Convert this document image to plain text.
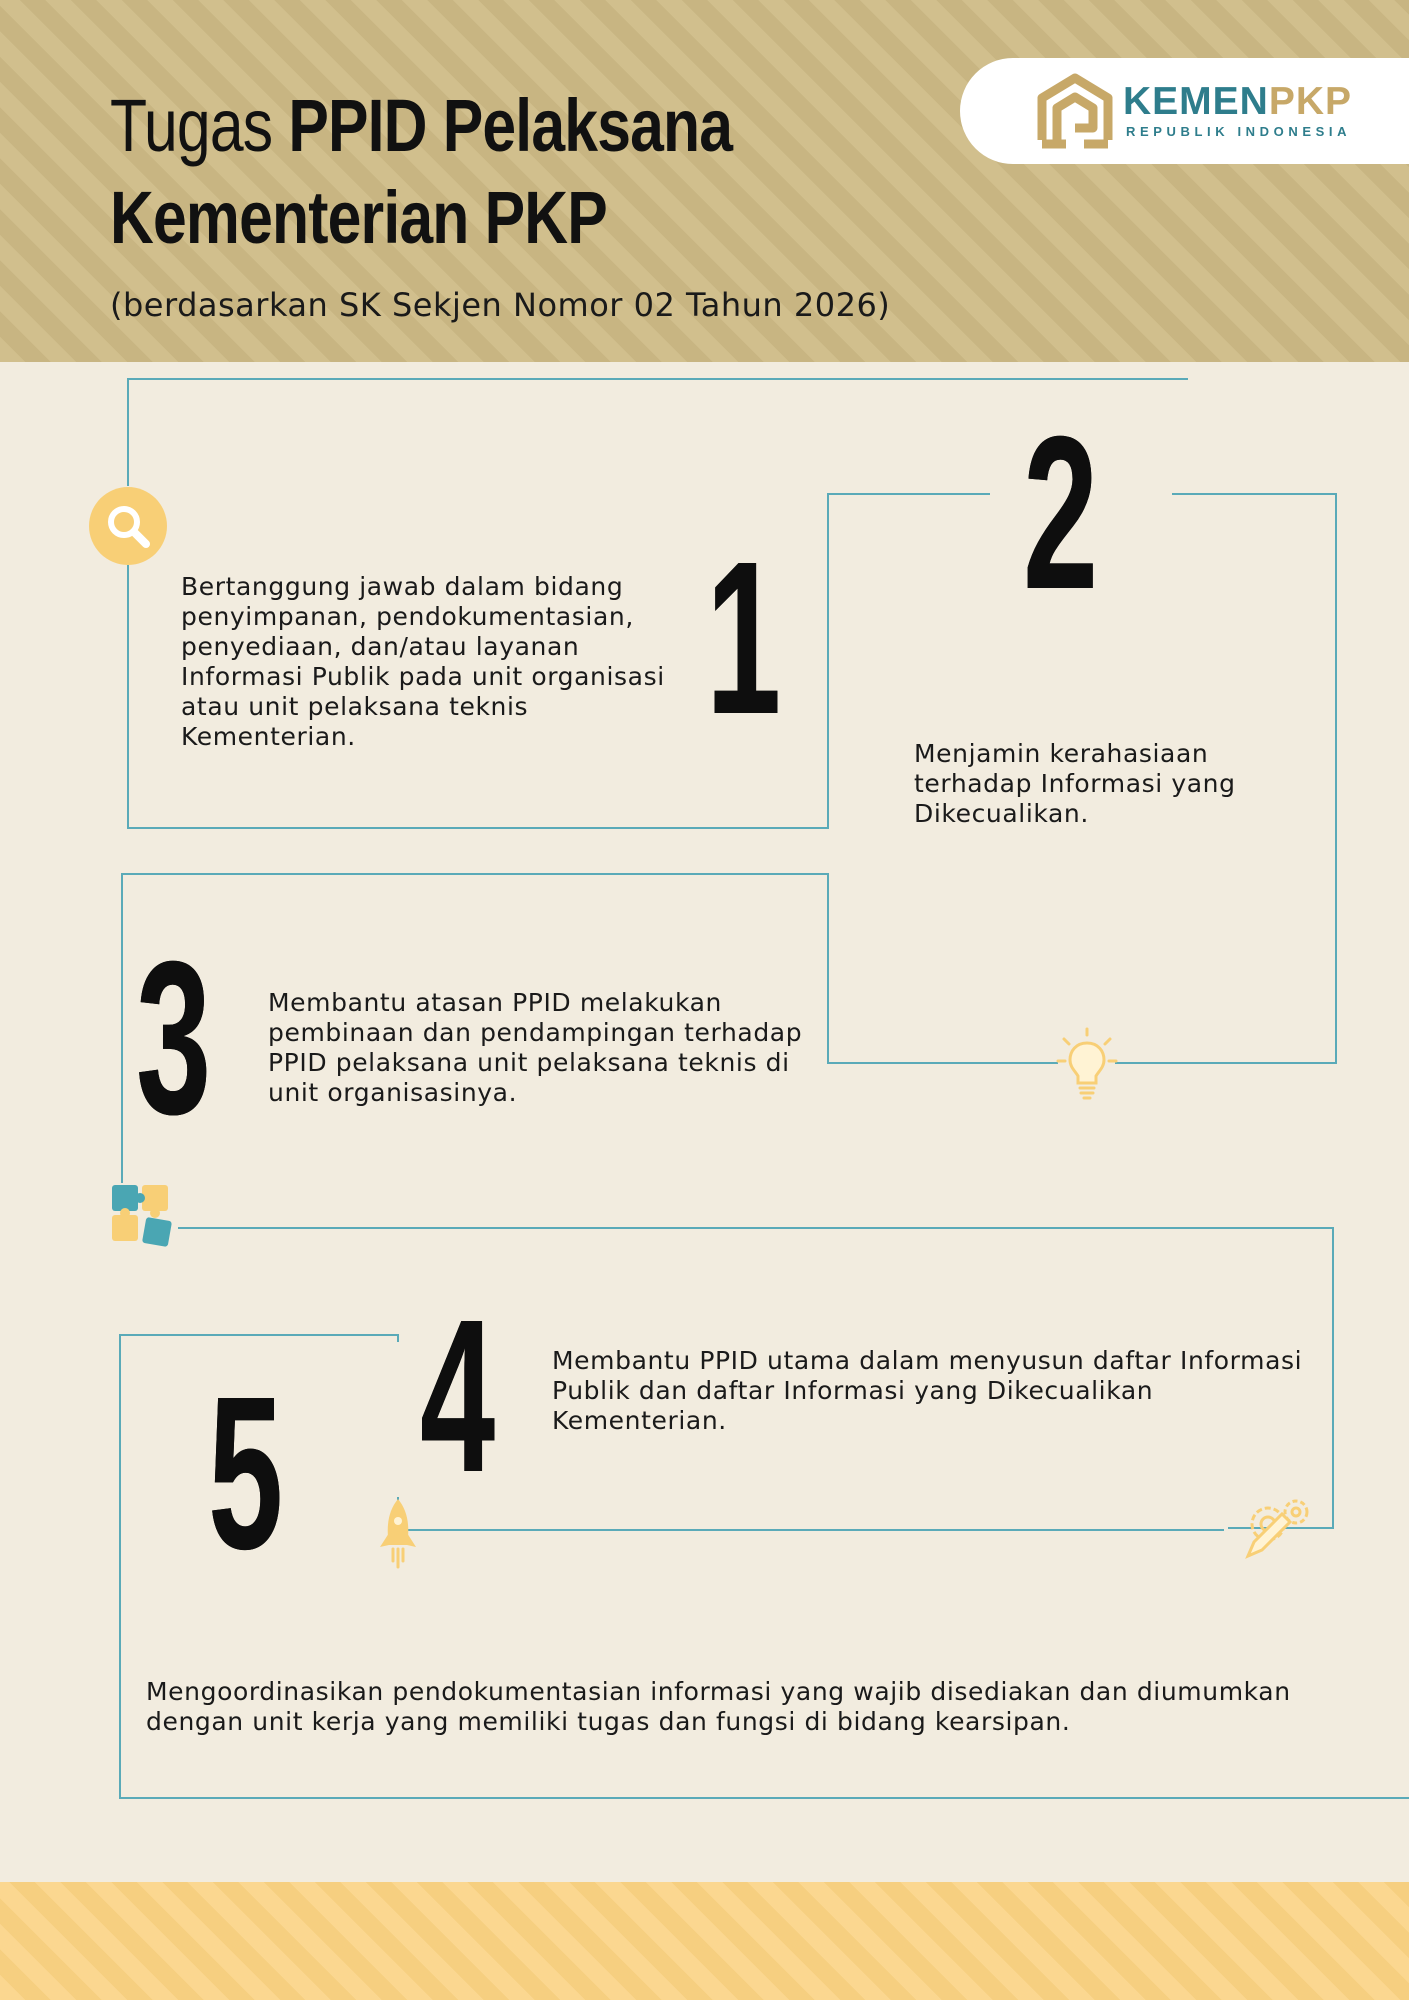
Tugas PPID Pelaksana
Kementerian PKP
(berdasarkan SK Sekjen Nomor 02 Tahun 2026)
KEMENPKP
REPUBLIK INDONESIA
1

Bertanggung jawab dalam bidang penyimpanan, pendokumentasian, penyediaan, dan/atau layanan Informasi Publik pada unit organisasi atau unit pelaksana teknis Kementerian.

2

Menjamin kerahasiaan terhadap Informasi yang Dikecualikan.

3 Membantu atasan PPID melakukan pembinaan dan pendampingan terhadap PPID pelaksana unit pelaksana teknis di unit organisasinya.

4 Membantu PPID utama dalam menyusun daftar Informasi Publik dan daftar Informasi yang Dikecualikan Kementerian.

5

Mengoordinasikan pendokumentasian informasi yang wajib disediakan dan diumumkan dengan unit kerja yang memiliki tugas dan fungsi di bidang kearsipan.
